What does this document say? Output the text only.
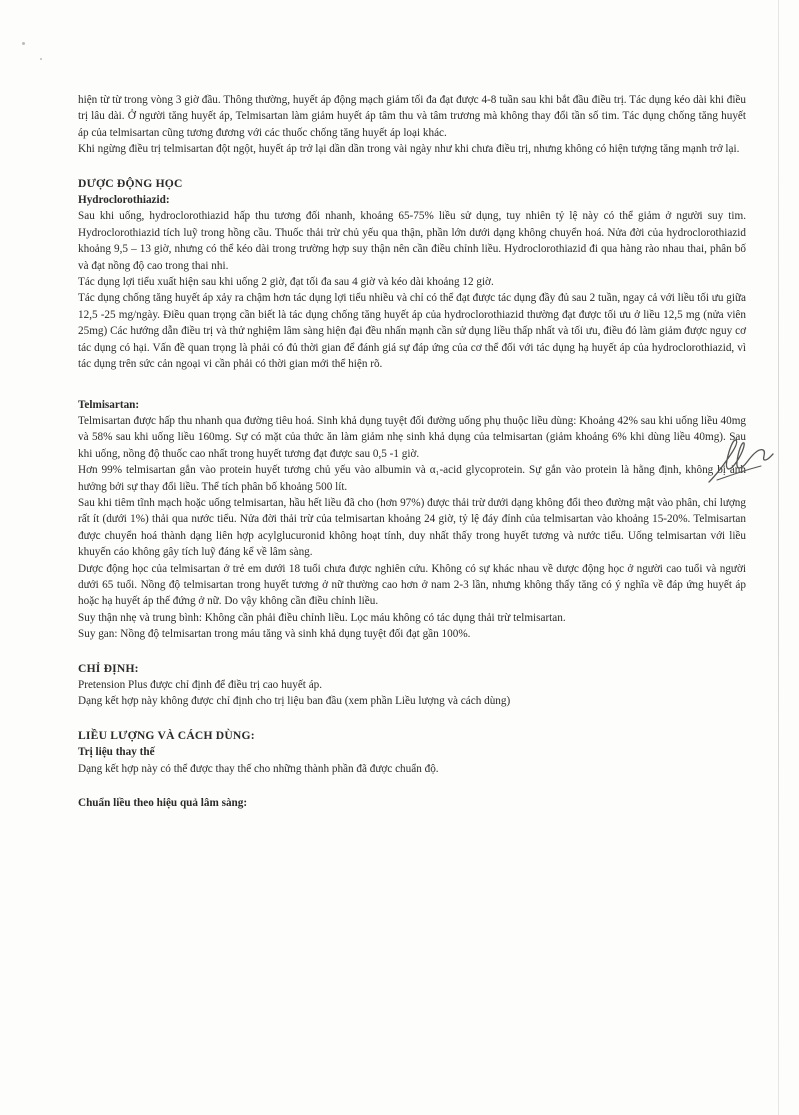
hiện từ từ trong vòng 3 giờ đầu. Thông thường, huyết áp động mạch giảm tối đa đạt được 4-8 tuần sau khi bắt đầu điều trị. Tác dụng kéo dài khi điều trị lâu dài. Ở người tăng huyết áp, Telmisartan làm giảm huyết áp tâm thu và tâm trương mà không thay đổi tần số tim. Tác dụng chống tăng huyết áp của telmisartan cũng tương đương với các thuốc chống tăng huyết áp loại khác.

Khi ngừng điều trị telmisartan đột ngột, huyết áp trở lại dần dần trong vài ngày như khi chưa điều trị, nhưng không có hiện tượng tăng mạnh trở lại.

DƯỢC ĐỘNG HỌC

Hydroclorothiazid:

Sau khi uống, hydroclorothiazid hấp thu tương đối nhanh, khoảng 65-75% liều sử dụng, tuy nhiên tỷ lệ này có thể giảm ở người suy tim. Hydroclorothiazid tích luỹ trong hồng cầu. Thuốc thải trừ chủ yếu qua thận, phần lớn dưới dạng không chuyển hoá. Nửa đời của hydroclorothiazid khoảng 9,5 – 13 giờ, nhưng có thể kéo dài trong trường hợp suy thận nên cần điều chỉnh liều. Hydroclorothiazid đi qua hàng rào nhau thai, phân bố và đạt nồng độ cao trong thai nhi.

Tác dụng lợi tiểu xuất hiện sau khi uống 2 giờ, đạt tối đa sau 4 giờ và kéo dài khoảng 12 giờ.

Tác dụng chống tăng huyết áp xảy ra chậm hơn tác dụng lợi tiểu nhiều và chỉ có thể đạt được tác dụng đầy đủ sau 2 tuần, ngay cả với liều tối ưu giữa 12,5 -25 mg/ngày. Điều quan trọng cần biết là tác dụng chống tăng huyết áp của hydroclorothiazid thường đạt được tối ưu ở liều 12,5 mg (nửa viên 25mg) Các hướng dẫn điều trị và thử nghiệm lâm sàng hiện đại đều nhấn mạnh cần sử dụng liều thấp nhất và tối ưu, điều đó làm giảm được nguy cơ tác dụng có hại. Vấn đề quan trọng là phải có đủ thời gian để đánh giá sự đáp ứng của cơ thể đối với tác dụng hạ huyết áp của hydroclorothiazid, vì tác dụng trên sức cản ngoại vi cần phải có thời gian mới thể hiện rõ.

Telmisartan:

Telmisartan được hấp thu nhanh qua đường tiêu hoá. Sinh khả dụng tuyệt đối đường uống phụ thuộc liều dùng: Khoảng 42% sau khi uống liều 40mg và 58% sau khi uống liều 160mg. Sự có mặt của thức ăn làm giảm nhẹ sinh khả dụng của telmisartan (giảm khoảng 6% khi dùng liều 40mg). Sau khi uống, nồng độ thuốc cao nhất trong huyết tương đạt được sau 0,5 -1 giờ.

Hơn 99% telmisartan gắn vào protein huyết tương chủ yếu vào albumin và α₁-acid glycoprotein. Sự gắn vào protein là hằng định, không bị ảnh hưởng bởi sự thay đổi liều. Thể tích phân bố khoảng 500 lít.

Sau khi tiêm tĩnh mạch hoặc uống telmisartan, hầu hết liều đã cho (hơn 97%) được thải trừ dưới dạng không đổi theo đường mật vào phân, chỉ lượng rất ít (dưới 1%) thải qua nước tiểu. Nửa đời thải trừ của telmisartan khoảng 24 giờ, tỷ lệ đáy đỉnh của telmisartan vào khoảng 15-20%. Telmisartan được chuyển hoá thành dạng liên hợp acylglucuronid không hoạt tính, duy nhất thấy trong huyết tương và nước tiểu. Uống telmisartan với liều khuyến cáo không gây tích luỹ đáng kể về lâm sàng.

Dược động học của telmisartan ở trẻ em dưới 18 tuổi chưa được nghiên cứu. Không có sự khác nhau về dược động học ở người cao tuổi và người dưới 65 tuổi. Nồng độ telmisartan trong huyết tương ở nữ thường cao hơn ở nam 2-3 lần, nhưng không thấy tăng có ý nghĩa về đáp ứng huyết áp hoặc hạ huyết áp thế đứng ở nữ. Do vậy không cần điều chỉnh liều.

Suy thận nhẹ và trung bình: Không cần phải điều chỉnh liều. Lọc máu không có tác dụng thải trừ telmisartan.

Suy gan: Nồng độ telmisartan trong máu tăng và sinh khả dụng tuyệt đối đạt gần 100%.

CHỈ ĐỊNH:

Pretension Plus được chỉ định để điều trị cao huyết áp.

Dạng kết hợp này không được chỉ định cho trị liệu ban đầu (xem phần Liều lượng và cách dùng)

LIỀU LƯỢNG VÀ CÁCH DÙNG:

Trị liệu thay thế

Dạng kết hợp này có thể được thay thế cho những thành phần đã được chuẩn độ.

Chuẩn liều theo hiệu quả lâm sàng:
